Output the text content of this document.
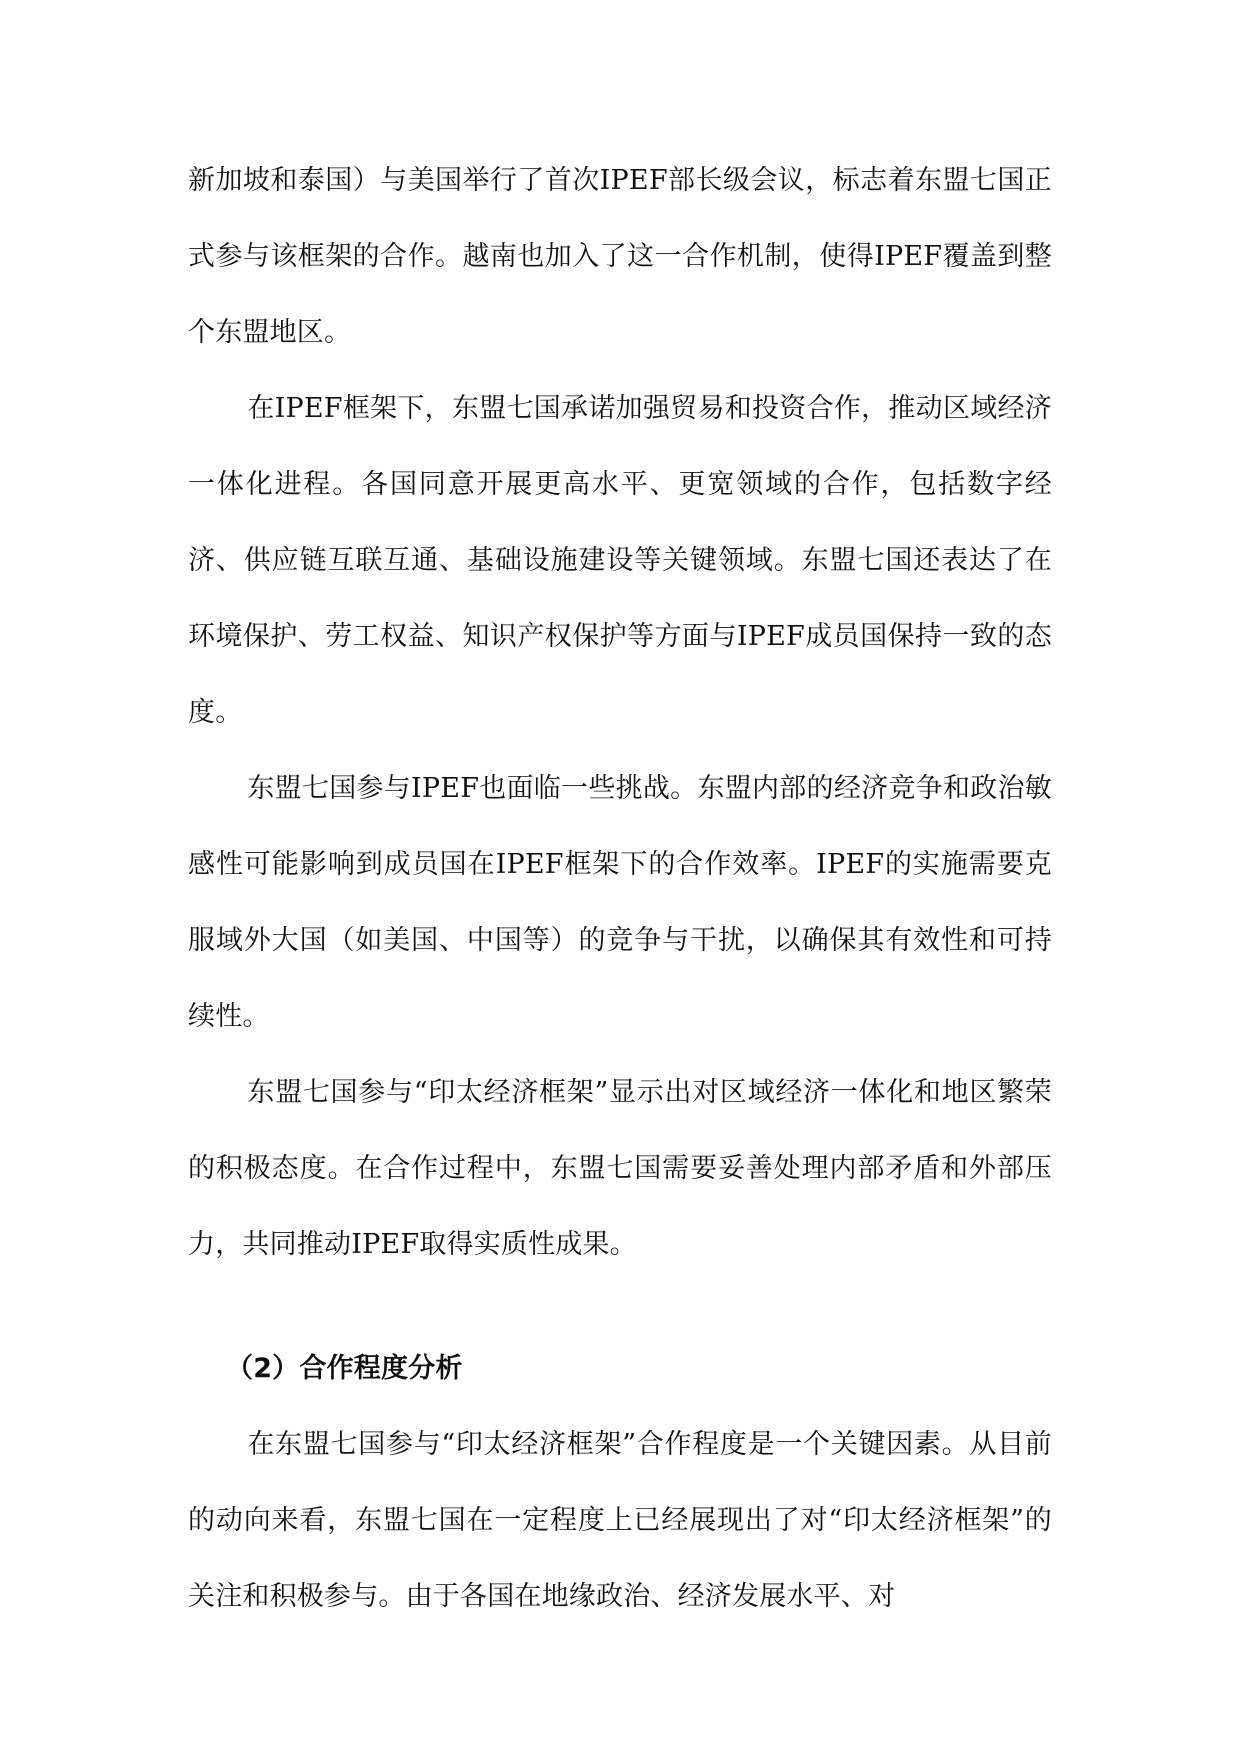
新加坡和泰国）与美国举行了首次IPEF部长级会议，标志着东盟七国正式参与该框架的合作。越南也加入了这一合作机制，使得IPEF覆盖到整个东盟地区。

在IPEF框架下，东盟七国承诺加强贸易和投资合作，推动区域经济一体化进程。各国同意开展更高水平、更宽领域的合作，包括数字经济、供应链互联互通、基础设施建设等关键领域。东盟七国还表达了在环境保护、劳工权益、知识产权保护等方面与IPEF成员国保持一致的态度。

东盟七国参与IPEF也面临一些挑战。东盟内部的经济竞争和政治敏感性可能影响到成员国在IPEF框架下的合作效率。IPEF的实施需要克服域外大国（如美国、中国等）的竞争与干扰，以确保其有效性和可持续性。

东盟七国参与“印太经济框架”显示出对区域经济一体化和地区繁荣的积极态度。在合作过程中，东盟七国需要妥善处理内部矛盾和外部压力，共同推动IPEF取得实质性成果。

（2）合作程度分析

在东盟七国参与“印太经济框架”合作程度是一个关键因素。从目前的动向来看，东盟七国在一定程度上已经展现出了对“印太经济框架”的关注和积极参与。由于各国在地缘政治、经济发展水平、对
